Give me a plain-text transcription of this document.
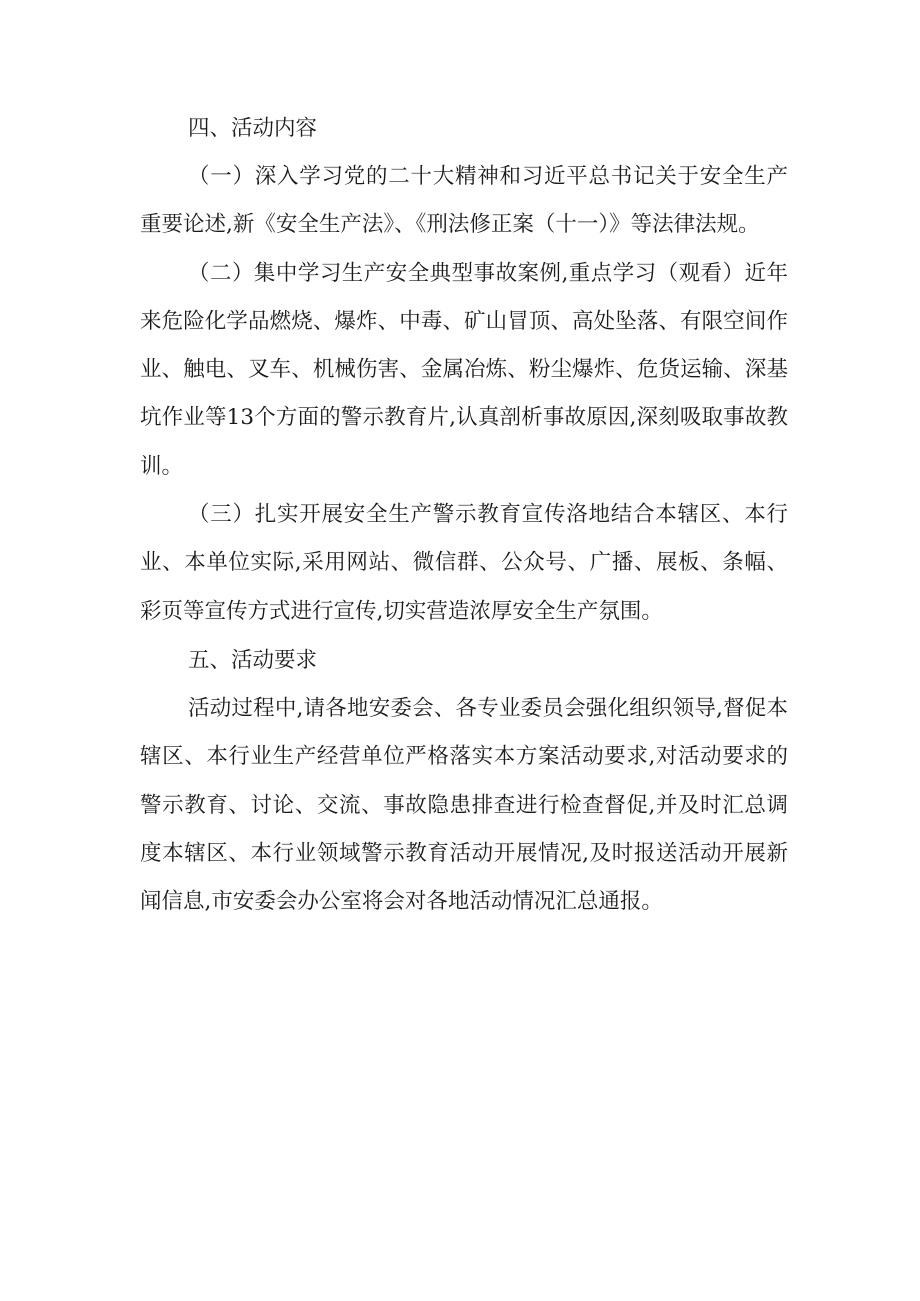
四、活动内容

（一）深入学习党的二十大精神和习近平总书记关于安全生产重要论述,新《安全生产法》、《刑法修正案（十一）》等法律法规。

（二）集中学习生产安全典型事故案例,重点学习（观看）近年来危险化学品燃烧、爆炸、中毒、矿山冒顶、高处坠落、有限空间作业、触电、叉车、机械伤害、金属冶炼、粉尘爆炸、危货运输、深基坑作业等13个方面的警示教育片,认真剖析事故原因,深刻吸取事故教训。

（三）扎实开展安全生产警示教育宣传洛地结合本辖区、本行业、本单位实际,采用网站、微信群、公众号、广播、展板、条幅、彩页等宣传方式进行宣传,切实营造浓厚安全生产氛围。

五、活动要求

活动过程中,请各地安委会、各专业委员会强化组织领导,督促本辖区、本行业生产经营单位严格落实本方案活动要求,对活动要求的警示教育、讨论、交流、事故隐患排查进行检查督促,并及时汇总调度本辖区、本行业领域警示教育活动开展情况,及时报送活动开展新闻信息,市安委会办公室将会对各地活动情况汇总通报。
